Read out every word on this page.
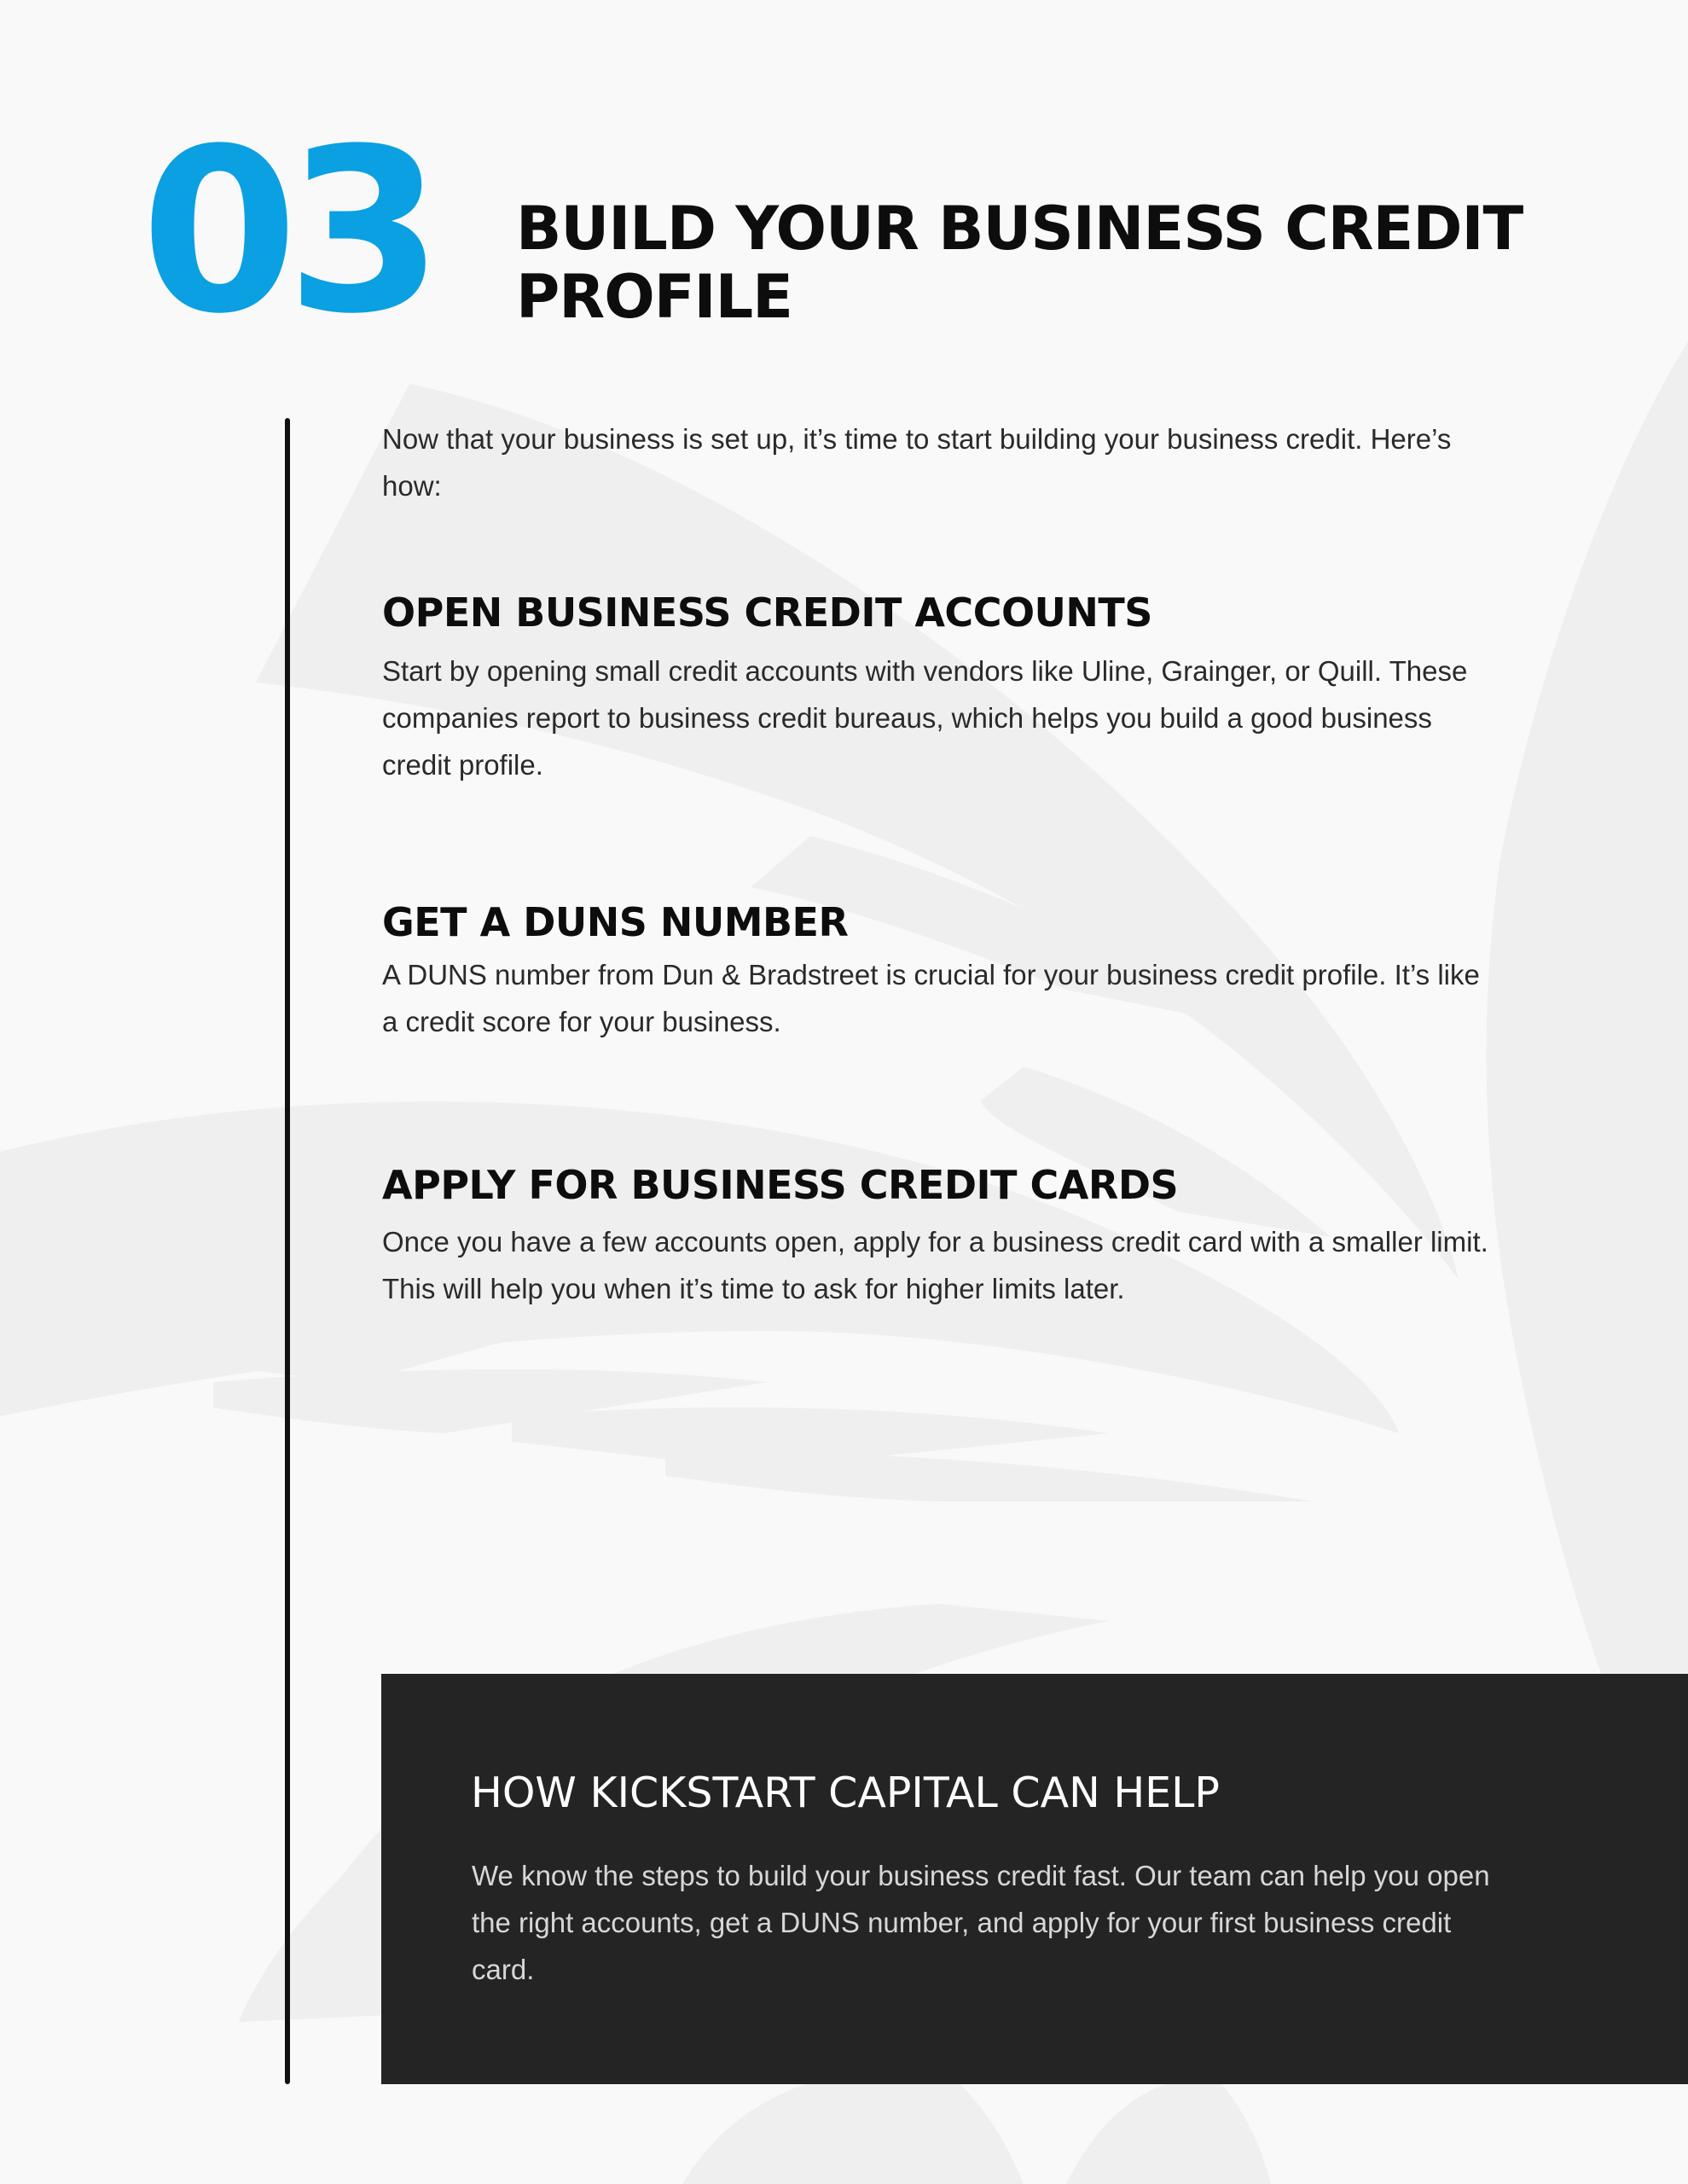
03 BUILD YOUR BUSINESS CREDIT PROFILE

Now that your business is set up, it’s time to start building your business credit. Here’s how:

OPEN BUSINESS CREDIT ACCOUNTS

Start by opening small credit accounts with vendors like Uline, Grainger, or Quill. These companies report to business credit bureaus, which helps you build a good business credit profile.

GET A DUNS NUMBER

A DUNS number from Dun & Bradstreet is crucial for your business credit profile. It’s like a credit score for your business.

APPLY FOR BUSINESS CREDIT CARDS

Once you have a few accounts open, apply for a business credit card with a smaller limit. This will help you when it’s time to ask for higher limits later.

HOW KICKSTART CAPITAL CAN HELP

We know the steps to build your business credit fast. Our team can help you open the right accounts, get a DUNS number, and apply for your first business credit card.
